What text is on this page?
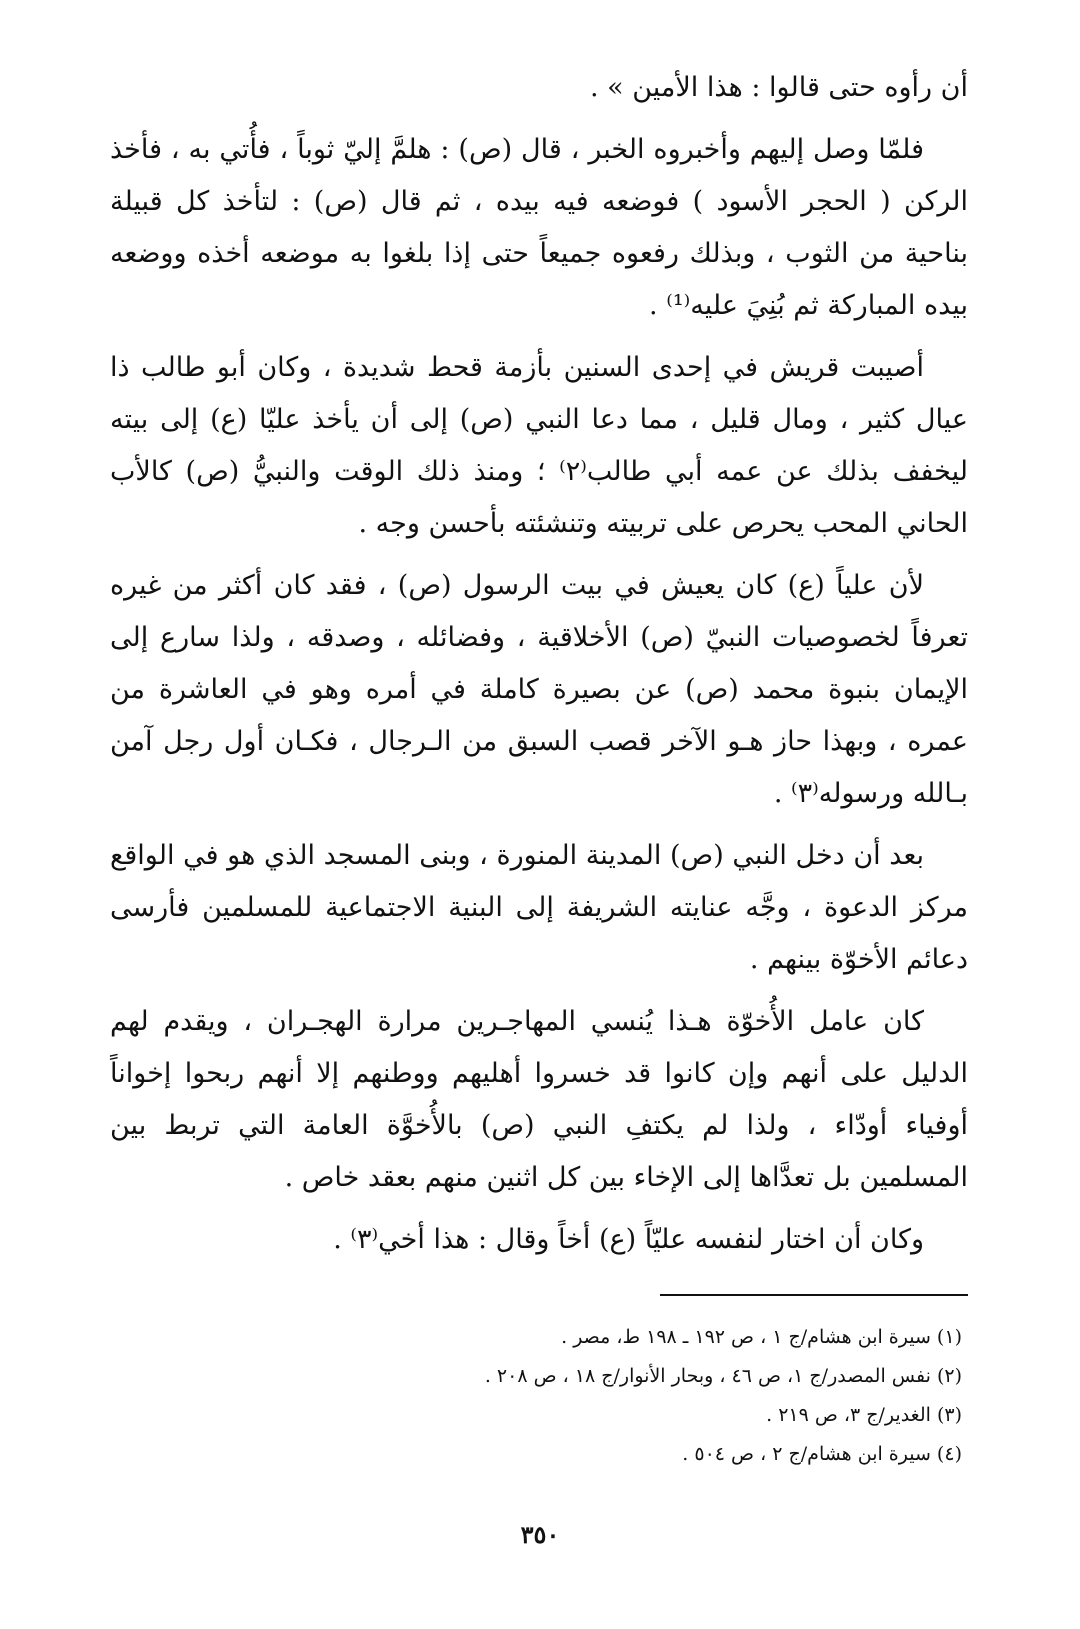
أن رأوه حتى قالوا : هذا الأمين » .

فلمّا وصل إليهم وأخبروه الخبر ، قال (ص) : هلمَّ إليّ ثوباً ، فأُتي به ، فأخذ الركن ( الحجر الأسود ) فوضعه فيه بيده ، ثم قال (ص) : لتأخذ كل قبيلة بناحية من الثوب ، وبذلك رفعوه جميعاً حتى إذا بلغوا به موضعه أخذه ووضعه بيده المباركة ثم بُنِيَ عليه⁽¹⁾ .

أصيبت قريش في إحدى السنين بأزمة قحط شديدة ، وكان أبو طالب ذا عيال كثير ، ومال قليل ، مما دعا النبي (ص) إلى أن يأخذ عليّا (ع) إلى بيته ليخفف بذلك عن عمه أبي طالب⁽٢⁾ ؛ ومنذ ذلك الوقت والنبيُّ (ص) كالأب الحاني المحب يحرص على تربيته وتنشئته بأحسن وجه .

لأن علياً (ع) كان يعيش في بيت الرسول (ص) ، فقد كان أكثر من غيره تعرفاً لخصوصيات النبيّ (ص) الأخلاقية ، وفضائله ، وصدقه ، ولذا سارع إلى الإيمان بنبوة محمد (ص) عن بصيرة كاملة في أمره وهو في العاشرة من عمره ، وبهذا حاز هـو الآخر قصب السبق من الـرجال ، فكـان أول رجل آمن بـالله ورسوله⁽٣⁾ .

بعد أن دخل النبي (ص) المدينة المنورة ، وبنى المسجد الذي هو في الواقع مركز الدعوة ، وجَّه عنايته الشريفة إلى البنية الاجتماعية للمسلمين فأرسى دعائم الأخوّة بينهم .

كان عامل الأُخوّة هـذا يُنسي المهاجـرين مرارة الهجـران ، ويقدم لهم الدليل على أنهم وإن كانوا قد خسروا أهليهم ووطنهم إلا أنهم ربحوا إخواناً أوفياء أودّاء ، ولذا لم يكتفِ النبي (ص) بالأُخوَّة العامة التي تربط بين المسلمين بل تعدَّاها إلى الإخاء بين كل اثنين منهم بعقد خاص .

وكان أن اختار لنفسه عليّاً (ع) أخاً وقال : هذا أخي⁽٣⁾ .

(١) سيرة ابن هشام/ج ١ ، ص ١٩٢ ـ ١٩٨ ط، مصر .
(٢) نفس المصدر/ج ١، ص ٤٦ ، وبحار الأنوار/ج ١٨ ، ص ٢٠٨ .
(٣) الغدير/ج ٣، ص ٢١٩ .
(٤) سيرة ابن هشام/ج ٢ ، ص ٥٠٤ .
٣٥٠
